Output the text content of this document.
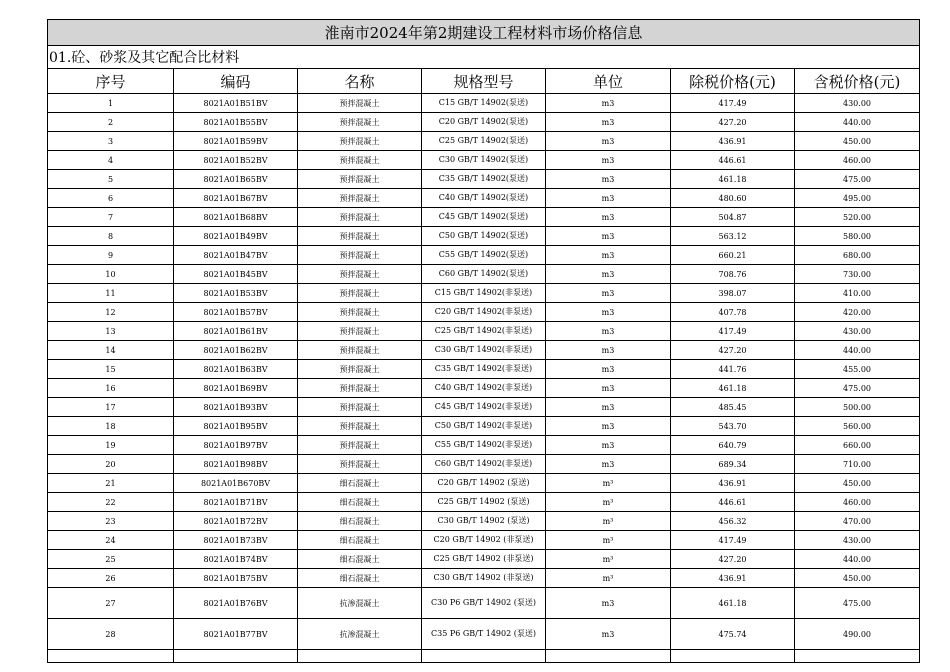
淮南市2024年第2期建设工程材料市场价格信息						
01.砼、砂浆及其它配合比材料						
序号	编码	名称	规格型号	单位	除税价格(元)	含税价格(元)
1	8021A01B51BV	预拌混凝土	C15 GB/T 14902(泵送)	m3	417.49	430.00
2	8021A01B55BV	预拌混凝土	C20 GB/T 14902(泵送)	m3	427.20	440.00
3	8021A01B59BV	预拌混凝土	C25 GB/T 14902(泵送)	m3	436.91	450.00
4	8021A01B52BV	预拌混凝土	C30 GB/T 14902(泵送)	m3	446.61	460.00
5	8021A01B65BV	预拌混凝土	C35 GB/T 14902(泵送)	m3	461.18	475.00
6	8021A01B67BV	预拌混凝土	C40 GB/T 14902(泵送)	m3	480.60	495.00
7	8021A01B68BV	预拌混凝土	C45 GB/T 14902(泵送)	m3	504.87	520.00
8	8021A01B49BV	预拌混凝土	C50 GB/T 14902(泵送)	m3	563.12	580.00
9	8021A01B47BV	预拌混凝土	C55 GB/T 14902(泵送)	m3	660.21	680.00
10	8021A01B45BV	预拌混凝土	C60 GB/T 14902(泵送)	m3	708.76	730.00
11	8021A01B53BV	预拌混凝土	C15 GB/T 14902(非泵送)	m3	398.07	410.00
12	8021A01B57BV	预拌混凝土	C20 GB/T 14902(非泵送)	m3	407.78	420.00
13	8021A01B61BV	预拌混凝土	C25 GB/T 14902(非泵送)	m3	417.49	430.00
14	8021A01B62BV	预拌混凝土	C30 GB/T 14902(非泵送)	m3	427.20	440.00
15	8021A01B63BV	预拌混凝土	C35 GB/T 14902(非泵送)	m3	441.76	455.00
16	8021A01B69BV	预拌混凝土	C40 GB/T 14902(非泵送)	m3	461.18	475.00
17	8021A01B93BV	预拌混凝土	C45 GB/T 14902(非泵送)	m3	485.45	500.00
18	8021A01B95BV	预拌混凝土	C50 GB/T 14902(非泵送)	m3	543.70	560.00
19	8021A01B97BV	预拌混凝土	C55 GB/T 14902(非泵送)	m3	640.79	660.00
20	8021A01B98BV	预拌混凝土	C60 GB/T 14902(非泵送)	m3	689.34	710.00
21	8021A01B670BV	细石混凝土	C20 GB/T 14902 (泵送)	m³	436.91	450.00
22	8021A01B71BV	细石混凝土	C25 GB/T 14902 (泵送)	m³	446.61	460.00
23	8021A01B72BV	细石混凝土	C30 GB/T 14902 (泵送)	m³	456.32	470.00
24	8021A01B73BV	细石混凝土	C20 GB/T 14902 (非泵送)	m³	417.49	430.00
25	8021A01B74BV	细石混凝土	C25 GB/T 14902 (非泵送)	m³	427.20	440.00
26	8021A01B75BV	细石混凝土	C30 GB/T 14902 (非泵送)	m³	436.91	450.00
27	8021A01B76BV	抗渗混凝土	C30 P6 GB/T 14902 (泵送)	m3	461.18	475.00
28	8021A01B77BV	抗渗混凝土	C35 P6 GB/T 14902 (泵送)	m3	475.74	490.00
